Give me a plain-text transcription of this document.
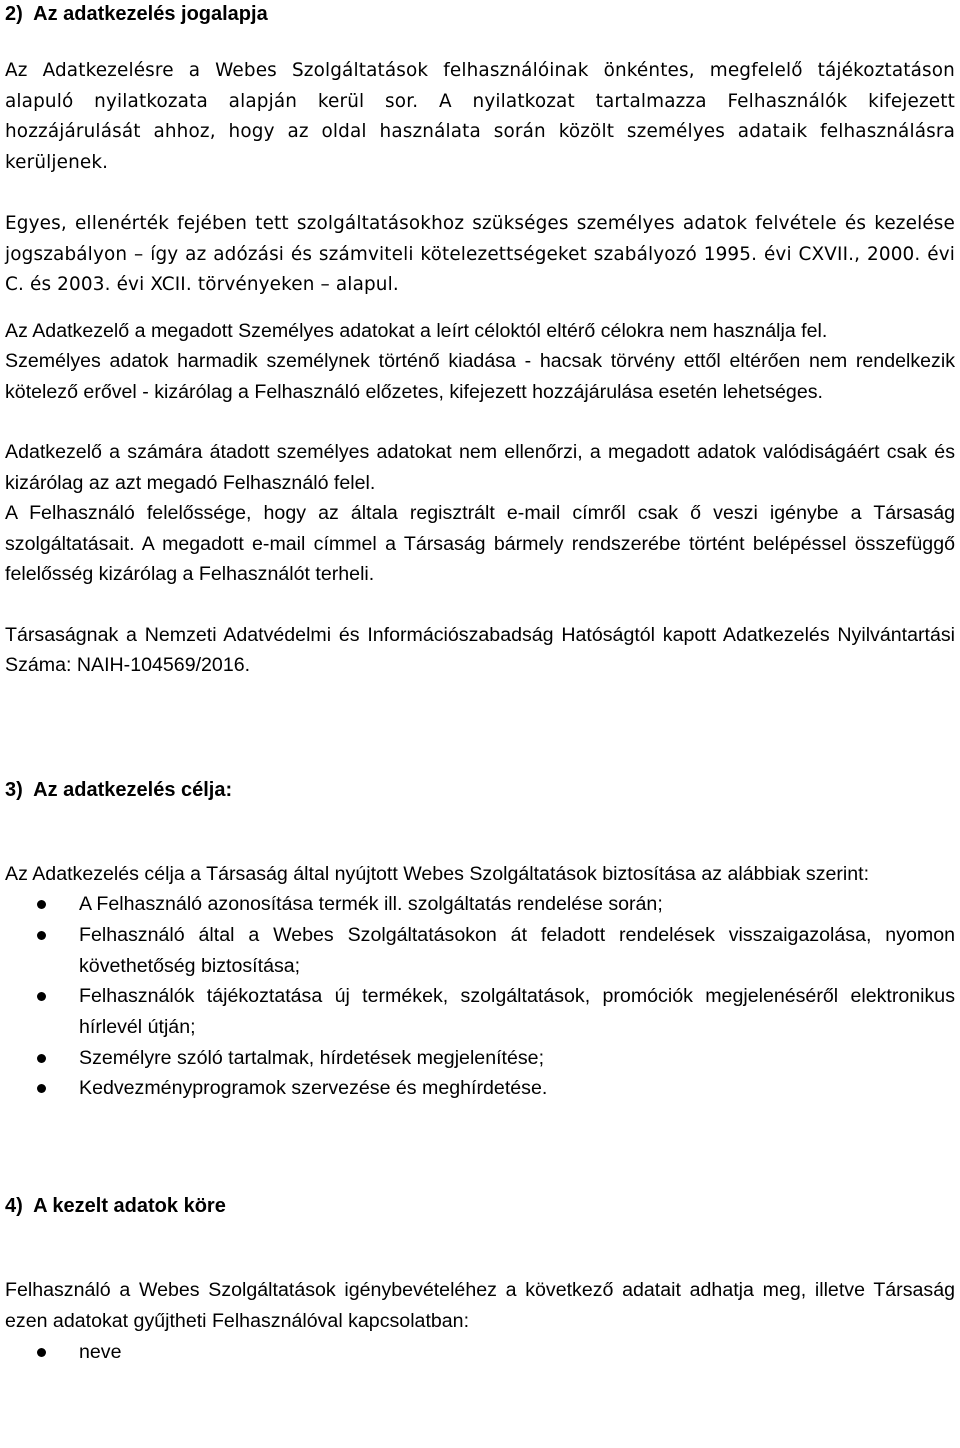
2)  Az adatkezelés jogalapja

Az Adatkezelésre a Webes Szolgáltatások felhasználóinak önkéntes, megfelelő tájékoztatáson alapuló nyilatkozata alapján kerül sor. A nyilatkozat tartalmazza Felhasználók kifejezett hozzájárulását ahhoz, hogy az oldal használata során közölt személyes adataik felhasználásra kerüljenek.

Egyes, ellenérték fejében tett szolgáltatásokhoz szükséges személyes adatok felvétele és kezelése jogszabályon – így az adózási és számviteli kötelezettségeket szabályozó 1995. évi CXVII., 2000. évi C. és 2003. évi XCII. törvényeken – alapul.

Az Adatkezelő a megadott Személyes adatokat a leírt céloktól eltérő célokra nem használja fel.

Személyes adatok harmadik személynek történő kiadása - hacsak törvény ettől eltérően nem rendelkezik kötelező erővel - kizárólag a Felhasználó előzetes, kifejezett hozzájárulása esetén lehetséges.

Adatkezelő a számára átadott személyes adatokat nem ellenőrzi, a megadott adatok valódiságáért csak és kizárólag az azt megadó Felhasználó felel.

A Felhasználó felelőssége, hogy az általa regisztrált e-mail címről csak ő veszi igénybe a Társaság szolgáltatásait. A megadott e-mail címmel a Társaság bármely rendszerébe történt belépéssel összefüggő felelősség kizárólag a Felhasználót terheli.

Társaságnak a Nemzeti Adatvédelmi és Információszabadság Hatóságtól kapott Adatkezelés Nyilvántartási Száma: NAIH-104569/2016.

3)  Az adatkezelés célja:

Az Adatkezelés célja a Társaság által nyújtott Webes Szolgáltatások biztosítása az alábbiak szerint:

A Felhasználó azonosítása termék ill. szolgáltatás rendelése során;
Felhasználó által a Webes Szolgáltatásokon át feladott rendelések visszaigazolása, nyomon követhetőség biztosítása;
Felhasználók tájékoztatása új termékek, szolgáltatások, promóciók megjelenéséről elektronikus hírlevél útján;
Személyre szóló tartalmak, hírdetések megjelenítése;
Kedvezményprogramok szervezése és meghírdetése.
4)  A kezelt adatok köre

Felhasználó a Webes Szolgáltatások igénybevételéhez a következő adatait adhatja meg, illetve Társaság ezen adatokat gyűjtheti Felhasználóval kapcsolatban:

neve
